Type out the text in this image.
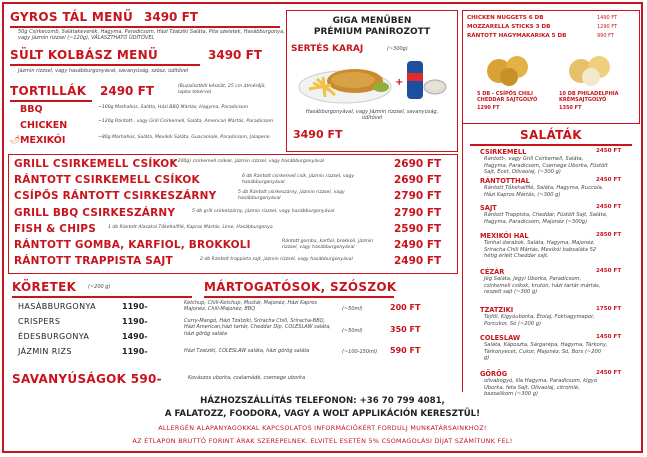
GYROS TÁL MENÜ 3490 FT
50g Csirkecomb, Salátakeverék, Hagyma, Paradicsom, Házi Tzatziki Saláta, Pita szeletek, Hasábburgonya, vagy jázmin rizzsel (~120g), VÁLASZTHATÓ ÜDÍTŐVEL
SÜLT KOLBÁSZ MENÜ	3490 FT
Jázmin rizzsel, vagy hasábburgonyával, savanyúság, szósz, üdítővel
TORTILLÁK 2490 FT	(Buzalisztből készült, 25 cm átmérőjű, lapba tekerve)
BBQ	~100g Marhahús, Saláta, Házi BBQ Mártás, Hagyma, Paradicsom
CHICKEN	~120g Rántott-, vagy Grill Csirkemell, Saláta, American Mártás, Paradicsom
🌶 MEXIKÓI	~80g Marhahús, Saláta, Mexikói Saláta, Guacamole, Paradicsom, Jalapeno
GIGA MENÜBEN
PRÉMIUM PANÍROZOTT
SERTÉS KARAJ	(~300g)
+
Hasábburgonyával, vagy Jázmin rizzsel, savanyúság, üdítővel
3490 FT
CHICKEN NUGGETS 6 DB	1490 FT
MOZZARELLA STICKS 3 DB	1290 FT
RÁNTOTT HAGYMAKARIKA 5 DB	990 FT
5 DB - CSÍPŐS CHILI CHEDDAR SAJTGOLYÓ
1290 FT
10 DB PHILADELPHIA KRÉMSAJTGOLYÓ
1350 FT
GRILL CSIRKEMELL CSÍKOK
(~200g) csirkemell csíkok, jázmin rizzsel, vagy hasábburgonyával	2690 FT
RÁNTOTT CSIRKEMELL CSÍKOK	6 db Rántott csirkemell csík, jázmin rizzsel, vagy hasábburgonyával	2690 FT
CSÍPŐS RÁNTOTT CSIRKESZÁRNY	5 db Rántott csirkeszárny, jázmin rizzsel, vagy hasábburgonyával	2790 FT
GRILL BBQ CSIRKESZÁRNY	5 db grill csirkeszárny, jázmin rizzsel, vagy hasábburgonyával	2790 FT
FISH & CHIPS	1 db Rántott Alaszkai Tőkehalfilé, Kapros Mártás, Lime, Hasábburgonya	2590 FT
RÁNTOTT GOMBA, KARFIOL, BROKKOLI	Rántott gomba, karfiol, brokkoli, jázmin rizzsel, vagy hasábburgonyával	2490 FT
RÁNTOTT TRAPPISTA SAJT	2 db Rántott trappista sajt, jázmin rizzsel, vagy hasábburgonyával	2490 FT
KÖRETEK (~200 g)
HASÁBBURGONYA	1190-
CRISPERS	1190-
ÉDESBURGONYA	1490-
JÁZMIN RIZS	1190-
MÁRTOGATÓSOK, SZÓSZOK
Ketchup, Chili-Ketchup, Mustár, Majonéz, Házi Kapros Majonéz, Chili-Majonéz, BBQ	(~50ml)	200 FT
Curry-Mangó, Házi Tzatziki, Sriracha Chili, Sriracha-BBQ, Házi American,házi tartár, Cheddar Dip, COLESLAW saláta, házi görög saláta	(~50ml)	350 FT
Házi Tzatziki, COLESLAW saláta, házi görög saláta	(~100-150ml) 590 FT
SAVANYÚSÁGOK 590-	Kovászos uborka, csalamádé, csemege uborka
SALÁTÁK
CSIRKEMELL	2450 FT
Rántott-, vagy Grill Csirkemell, Saláta, Hagyma, Paradicsom, Csemege Uborka, Füstölt Sajt, Ecet, Olívaolaj, (~300 g)
RÁNTOTTHAL	2450 FT
Rántott Tőkehalfilé, Saláta, Hagyma, Ruccola, Házi Kapros Mártás, (~300 g)
SAJT	2450 FT
Rántott Trappista, Cheddar, Füstölt Sajt, Saláta, Hagyma, Paradicsom, Majonéz (~300g)
MEXIKÓI HAL	2850 FT
Tonhal darabok, Saláta, Hagyma, Majonéz, Sriracha Chili Mártás, Mexikói babsaláta 52 hétig érlelt Cheddar sajt.
CÉZÁR	2450 FT
Jég Saláta, Jégyi Uborka, Paradicsom, csirkemell csíkok, kruton, házi tartár mártás, reszelt sajt (~300 g)
TZATZIKI	1750 FT
Tejföl, Kígyóuborka, Étolaj, Fokhagymapor, Porcukor, Só (~200 g)
COLESLAW	1450 FT
Saláta, Káposzta, Sárgarépa, Hagyma, Tárkony, Tárkonyecet, Cukor, Majonéz, Só, Bors (~200 g)
GÖRÖG	2450 FT
olívabogyó, lila Hagyma, Paradicsom, kígyó Uborka, feta Sajt, Olívaolaj, citromlé, bazsalikom (~300 g)
HÁZHOZSZÁLLÍTÁS TELEFONON: +36 70 799 4081,
A FALATOZZ, FOODORA, VAGY A WOLT APPLIKÁCIÓN KERESZTÜL!
ALLERGÉN ALAPANYAGOKKAL KAPCSOLATOS INFORMÁCIÓKÉRT FORDULJ MUNKATÁRSAINKHOZ!
AZ ÉTLAPON BRUTTÓ FORINT ÁRAK SZEREPELNEK. ELVITEL ESETÉN 5% CSOMAGOLÁSI DÍJAT SZÁMÍTUNK FEL!
